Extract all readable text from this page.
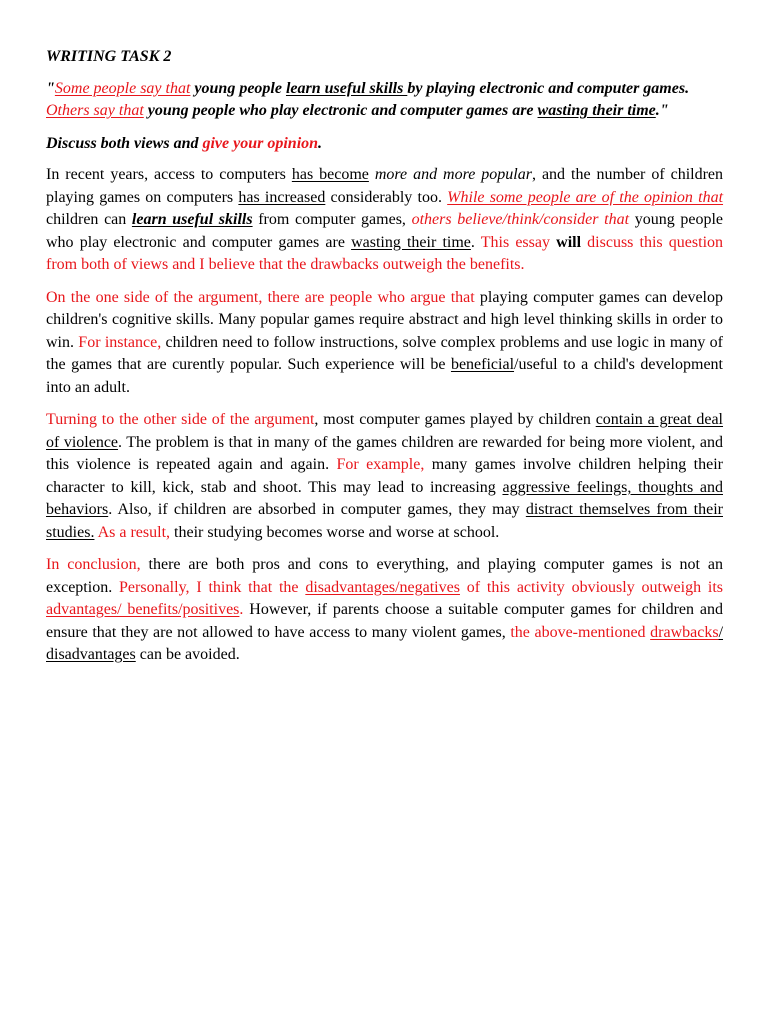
WRITING TASK 2

"Some people say that young people learn useful skills by playing electronic and computer games. Others say that young people who play electronic and computer games are wasting their time."

Discuss both views and give your opinion.

In recent years, access to computers has become more and more popular, and the number of children playing games on computers has increased considerably too. While some people are of the opinion that children can learn useful skills from computer games, others believe/think/consider that young people who play electronic and computer games are wasting their time. This essay will discuss this question from both of views and I believe that the drawbacks outweigh the benefits.

On the one side of the argument, there are people who argue that playing computer games can develop children's cognitive skills. Many popular games require abstract and high level thinking skills in order to win. For instance, children need to follow instructions, solve complex problems and use logic in many of the games that are curently popular. Such experience will be beneficial/useful to a child's development into an adult.

Turning to the other side of the argument, most computer games played by children contain a great deal of violence. The problem is that in many of the games children are rewarded for being more violent, and this violence is repeated again and again. For example, many games involve children helping their character to kill, kick, stab and shoot. This may lead to increasing aggressive feelings, thoughts and behaviors. Also, if children are absorbed in computer games, they may distract themselves from their studies. As a result, their studying becomes worse and worse at school.

In conclusion, there are both pros and cons to everything, and playing computer games is not an exception. Personally, I think that the disadvantages/negatives of this activity obviously outweigh its advantages/ benefits/positives. However, if parents choose a suitable computer games for children and ensure that they are not allowed to have access to many violent games, the above-mentioned drawbacks/ disadvantages can be avoided.
